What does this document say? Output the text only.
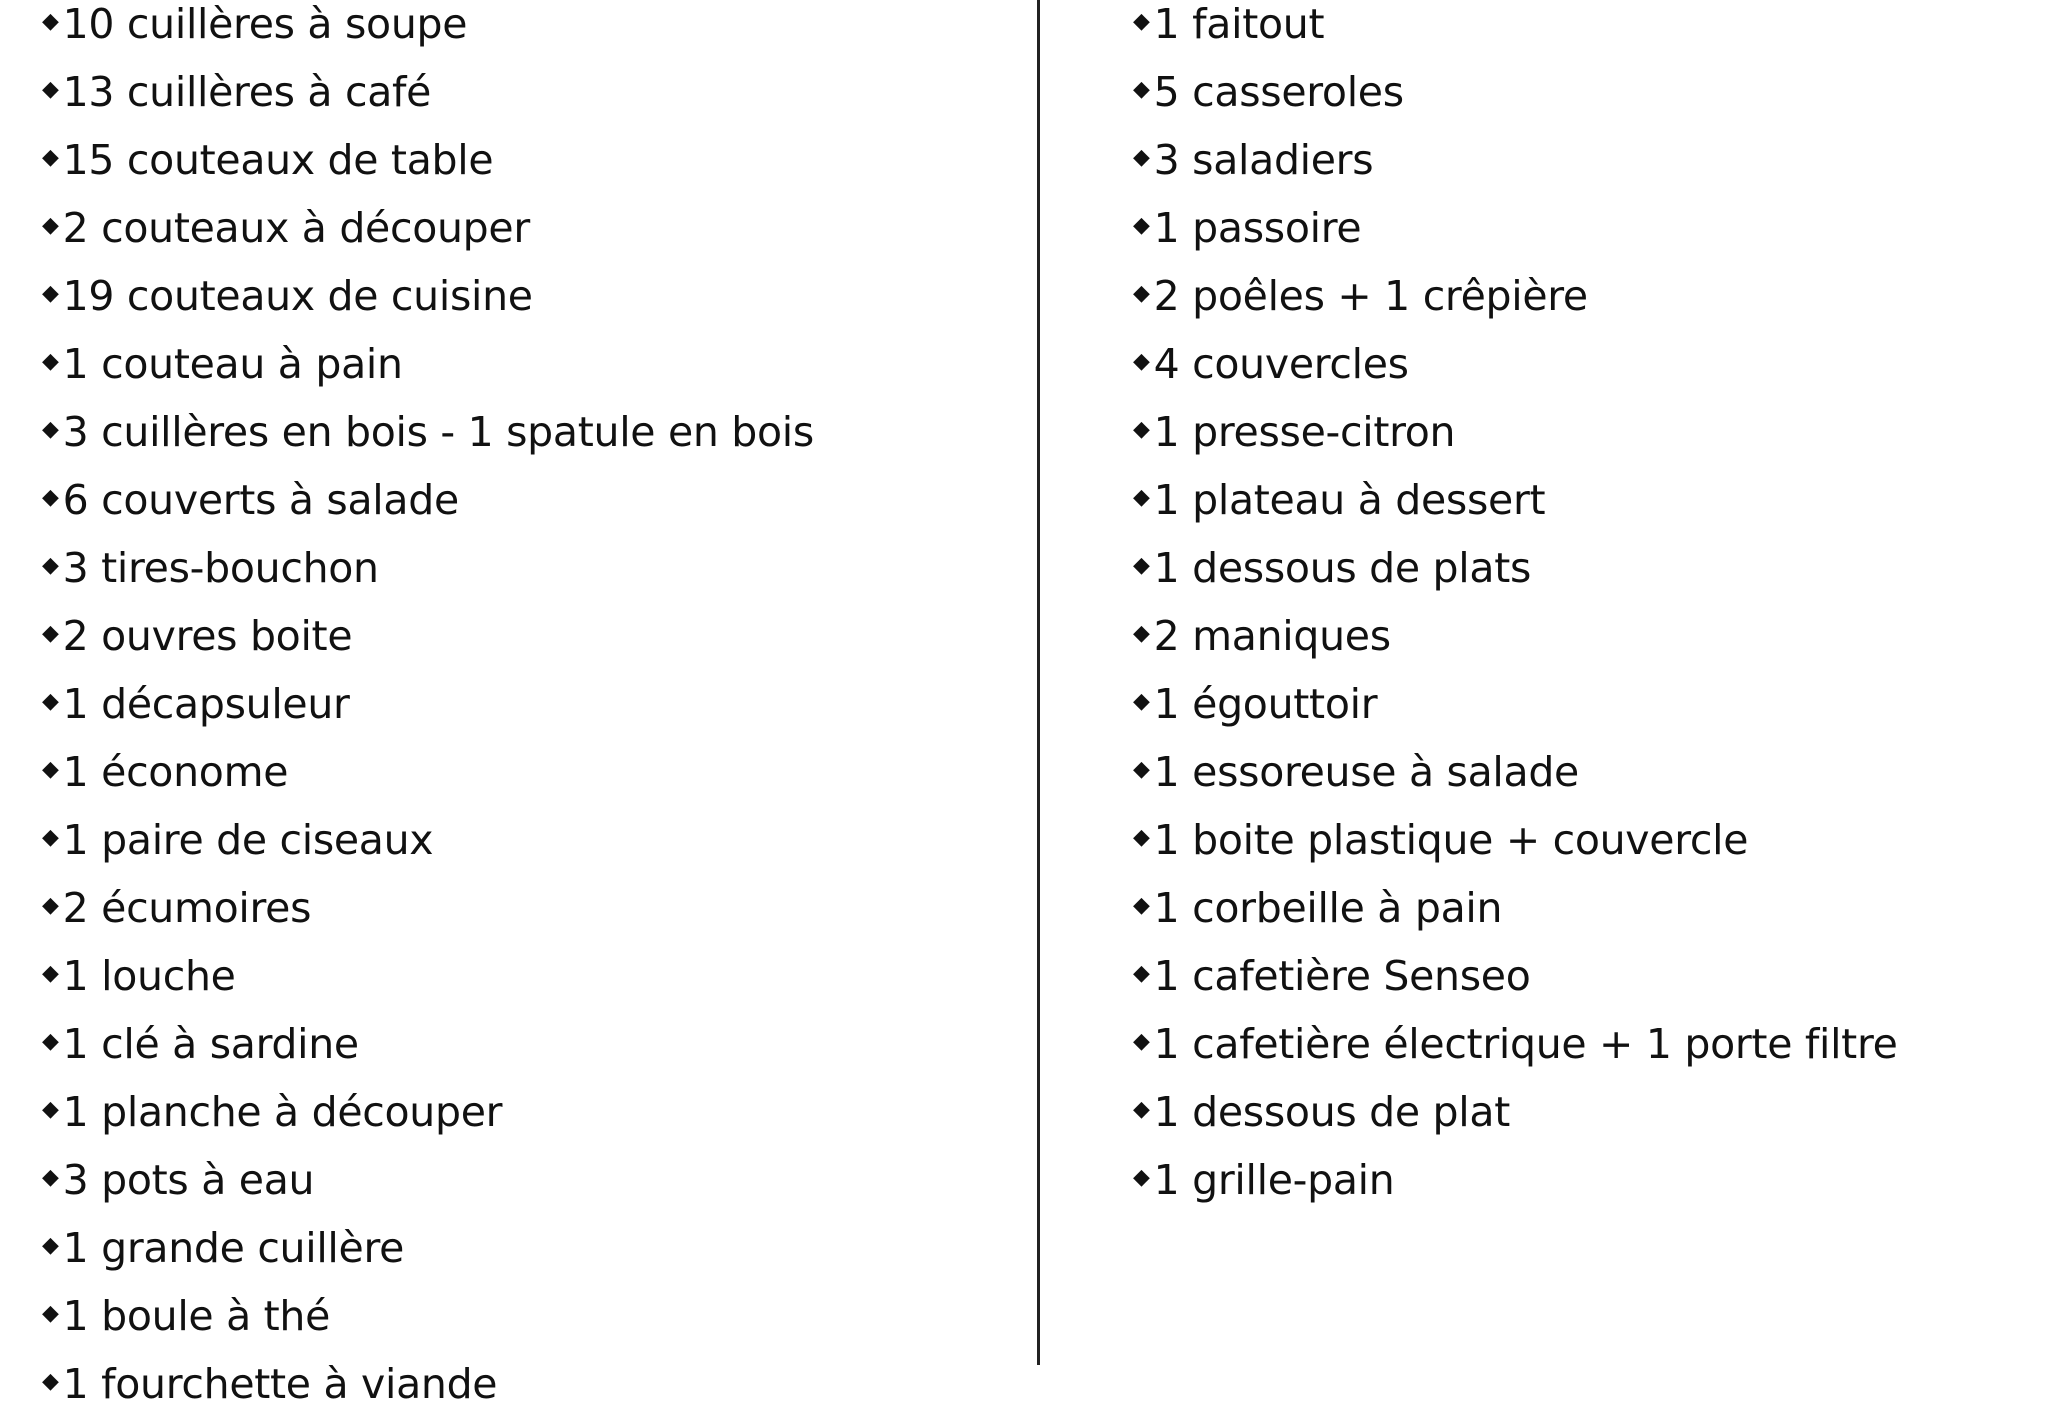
◆10 cuillères à soupe
◆13 cuillères à café
◆15 couteaux de table
◆2 couteaux à découper
◆19 couteaux de cuisine
◆1 couteau à pain
◆3 cuillères en bois - 1 spatule en bois
◆6 couverts à salade
◆3 tires-bouchon
◆2 ouvres boite
◆1 décapsuleur
◆1 économe
◆1 paire de ciseaux
◆2 écumoires
◆1 louche
◆1 clé à sardine
◆1 planche à découper
◆3 pots à eau
◆1 grande cuillère
◆1 boule à thé
◆1 fourchette à viande
◆1 faitout
◆5 casseroles
◆3 saladiers
◆1 passoire
◆2 poêles + 1 crêpière
◆4 couvercles
◆1 presse-citron
◆1 plateau à dessert
◆1 dessous de plats
◆2 maniques
◆1 égouttoir
◆1 essoreuse à salade
◆1 boite plastique + couvercle
◆1 corbeille à pain
◆1 cafetière Senseo
◆1 cafetière électrique + 1 porte filtre
◆1 dessous de plat
◆1 grille-pain
